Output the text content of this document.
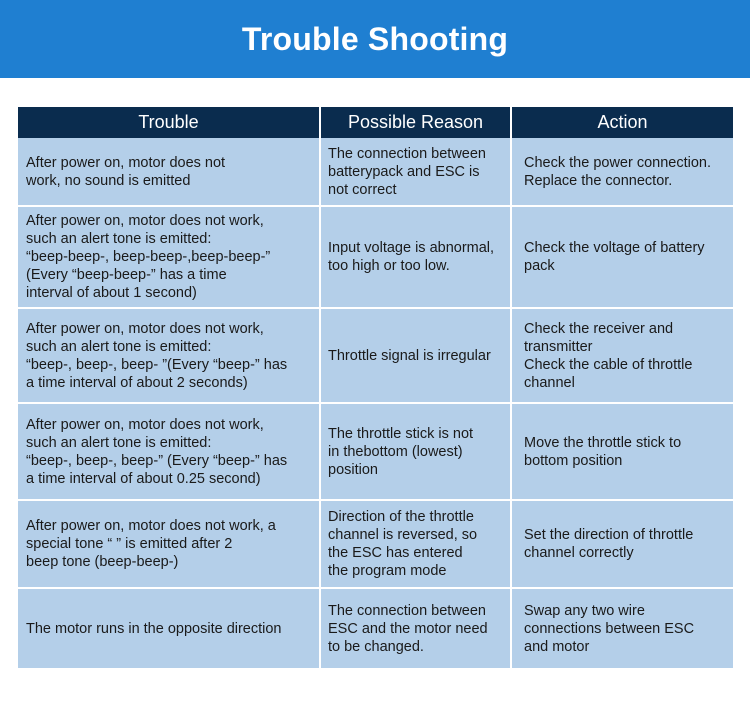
Trouble Shooting
Trouble	Possible Reason	Action
After power on, motor does not
work, no sound is emitted	The connection between
batterypack and ESC is
not correct	Check the power connection.
Replace the connector.
After power on, motor does not work,
such an alert tone is emitted:
“beep-beep-, beep-beep-,beep-beep-”
(Every “beep-beep-” has a time
interval of about 1 second)	Input voltage is abnormal,
too high or too low.	Check the voltage of battery
pack
After power on, motor does not work,
such an alert tone is emitted:
“beep-, beep-, beep- ”(Every “beep-” has
a time interval of about 2 seconds)	Throttle signal is irregular	Check the receiver and
transmitter
Check the cable of throttle
channel
After power on, motor does not work,
such an alert tone is emitted:
“beep-, beep-, beep-” (Every “beep-” has
a time interval of about 0.25 second)	The throttle stick is not
in thebottom (lowest)
position	Move the throttle stick to
bottom position
After power on, motor does not work, a
special tone “ ” is emitted after 2
beep tone (beep-beep-)	Direction of the throttle
channel is reversed, so
the ESC has entered
the program mode	Set the direction of throttle
channel correctly
The motor runs in the opposite direction	The connection between
ESC and the motor need
to be changed.	Swap any two wire
connections between ESC
and motor
